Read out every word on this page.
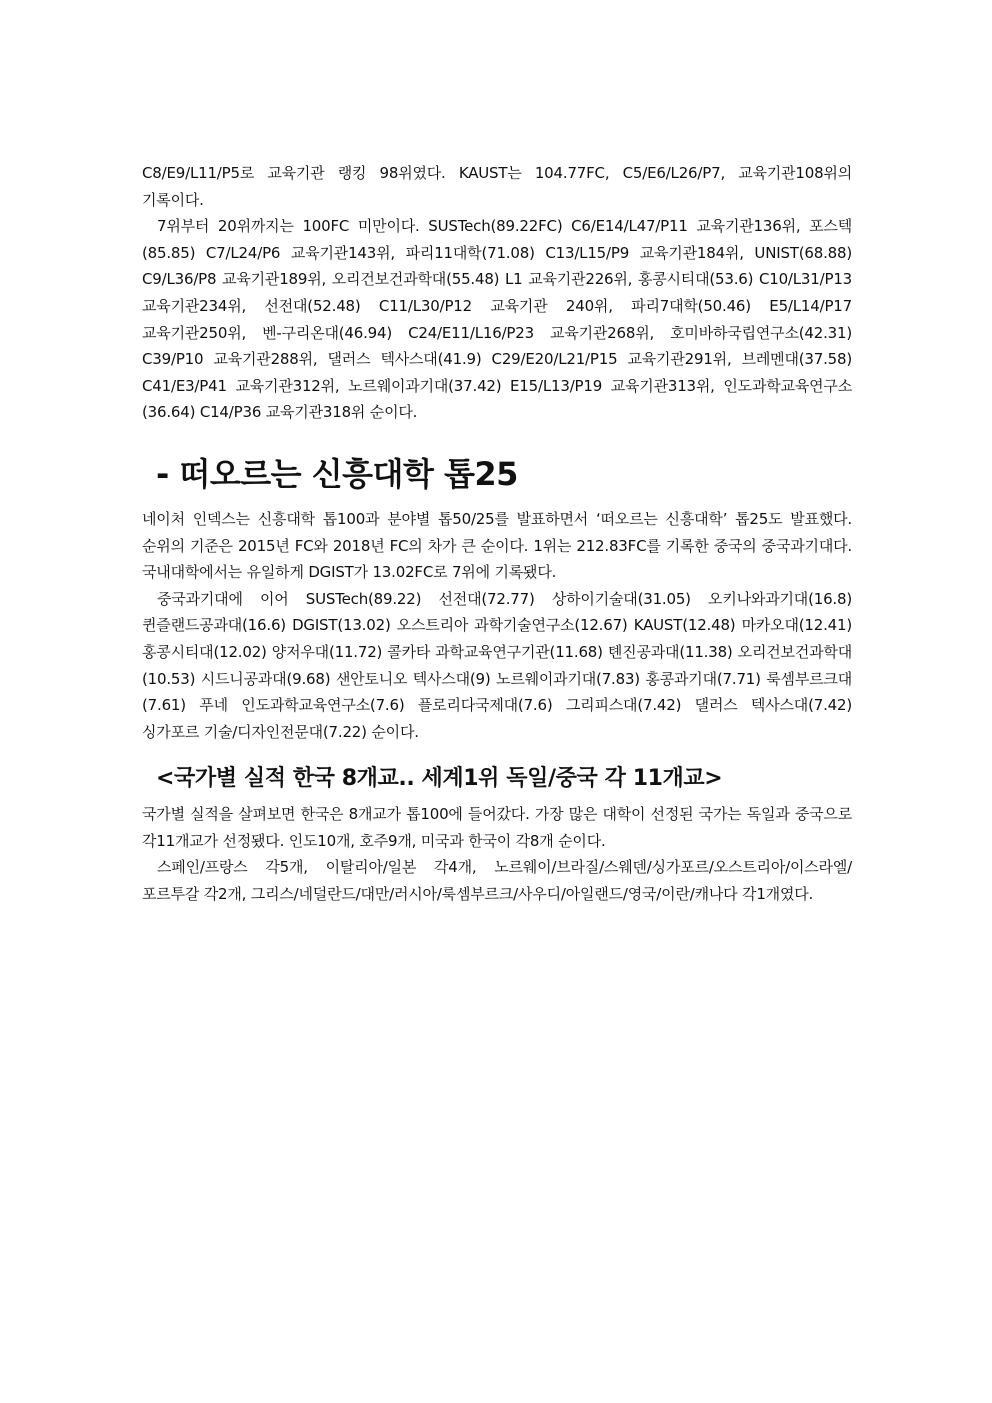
C8/E9/L11/P5로 교육기관 랭킹 98위였다. KAUST는 104.77FC, C5/E6/L26/P7, 교육기관108위의 기록이다.

7위부터 20위까지는 100FC 미만이다. SUSTech(89.22FC) C6/E14/L47/P11 교육기관136위, 포스텍(85.85) C7/L24/P6 교육기관143위, 파리11대학(71.08) C13/L15/P9 교육기관184위, UNIST(68.88) C9/L36/P8 교육기관189위, 오리건보건과학대(55.48) L1 교육기관226위, 홍콩시티대(53.6) C10/L31/P13 교육기관234위, 선전대(52.48) C11/L30/P12 교육기관 240위, 파리7대학(50.46) E5/L14/P17 교육기관250위, 벤-구리온대(46.94) C24/E11/L16/P23 교육기관268위, 호미바하국립연구소(42.31) C39/P10 교육기관288위, 댈러스 텍사스대(41.9) C29/E20/L21/P15 교육기관291위, 브레멘대(37.58) C41/E3/P41 교육기관312위, 노르웨이과기대(37.42) E15/L13/P19 교육기관313위, 인도과학교육연구소(36.64) C14/P36 교육기관318위 순이다.

- 떠오르는 신흥대학 톱25

네이처 인덱스는 신흥대학 톱100과 분야별 톱50/25를 발표하면서 ‘떠오르는 신흥대학’ 톱25도 발표했다. 순위의 기준은 2015년 FC와 2018년 FC의 차가 큰 순이다. 1위는 212.83FC를 기록한 중국의 중국과기대다. 국내대학에서는 유일하게 DGIST가 13.02FC로 7위에 기록됐다.

중국과기대에 이어 SUSTech(89.22) 선전대(72.77) 상하이기술대(31.05) 오키나와과기대(16.8) 퀸즐랜드공과대(16.6) DGIST(13.02) 오스트리아 과학기술연구소(12.67) KAUST(12.48) 마카오대(12.41) 홍콩시티대(12.02) 양저우대(11.72) 콜카타 과학교육연구기관(11.68) 톈진공과대(11.38) 오리건보건과학대(10.53) 시드니공과대(9.68) 샌안토니오 텍사스대(9) 노르웨이과기대(7.83) 홍콩과기대(7.71) 룩셈부르크대(7.61) 푸네 인도과학교육연구소(7.6) 플로리다국제대(7.6) 그리피스대(7.42) 댈러스 텍사스대(7.42) 싱가포르 기술/디자인전문대(7.22) 순이다.

<국가별 실적 한국 8개교.. 세계1위 독일/중국 각 11개교>

국가별 실적을 살펴보면 한국은 8개교가 톱100에 들어갔다. 가장 많은 대학이 선정된 국가는 독일과 중국으로 각11개교가 선정됐다. 인도10개, 호주9개, 미국과 한국이 각8개 순이다.

스페인/프랑스 각5개, 이탈리아/일본 각4개, 노르웨이/브라질/스웨덴/싱가포르/오스트리아/이스라엘/포르투갈 각2개, 그리스/네덜란드/대만/러시아/룩셈부르크/사우디/아일랜드/영국/이란/캐나다 각1개였다.
